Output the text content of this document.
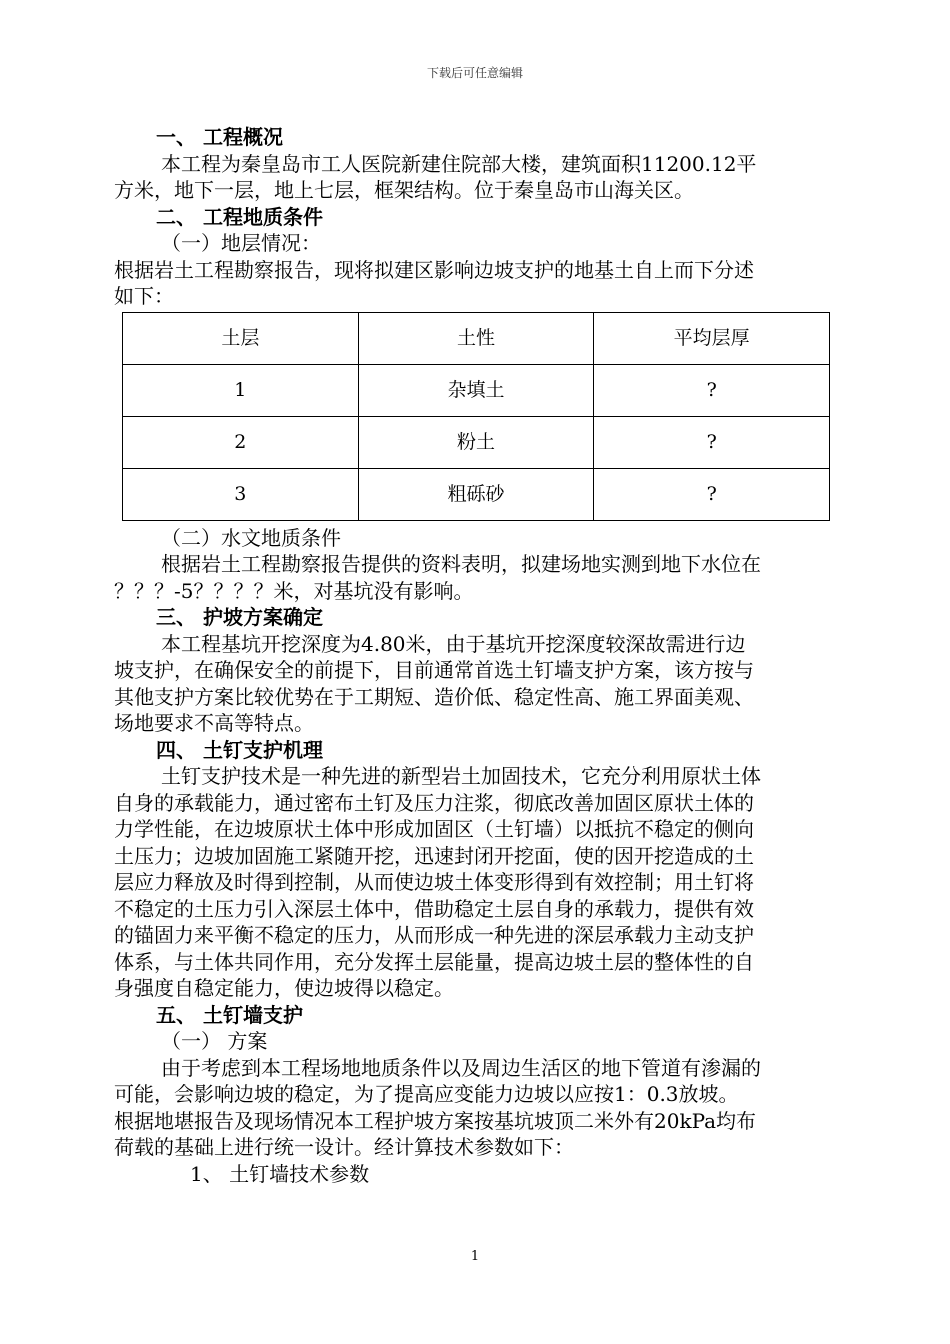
下载后可任意编辑

一、 工程概况

本工程为秦皇岛市工人医院新建住院部大楼，建筑面积11200.12平

方米，地下一层，地上七层，框架结构。位于秦皇岛市山海关区。

二、 工程地质条件

（一）地层情况：

根据岩土工程勘察报告，现将拟建区影响边坡支护的地基土自上而下分述

如下：

土层	土性	平均层厚
1	杂填土	?
2	粉土	?
3	粗砾砂	?

（二）水文地质条件

根据岩土工程勘察报告提供的资料表明，拟建场地实测到地下水位在

？？？-5？？？？米，对基坑没有影响。

三、 护坡方案确定

本工程基坑开挖深度为4.80米，由于基坑开挖深度较深故需进行边

坡支护，在确保安全的前提下，目前通常首选土钉墙支护方案，该方按与

其他支护方案比较优势在于工期短、造价低、稳定性高、施工界面美观、

场地要求不高等特点。

四、 土钉支护机理

土钉支护技术是一种先进的新型岩土加固技术，它充分利用原状土体

自身的承载能力，通过密布土钉及压力注浆，彻底改善加固区原状土体的

力学性能，在边坡原状土体中形成加固区（土钉墙）以抵抗不稳定的侧向

土压力；边坡加固施工紧随开挖，迅速封闭开挖面，使的因开挖造成的土

层应力释放及时得到控制，从而使边坡土体变形得到有效控制；用土钉将

不稳定的土压力引入深层土体中，借助稳定土层自身的承载力，提供有效

的锚固力来平衡不稳定的压力，从而形成一种先进的深层承载力主动支护

体系，与土体共同作用，充分发挥土层能量，提高边坡土层的整体性的自

身强度自稳定能力，使边坡得以稳定。

五、 土钉墙支护

（一） 方案

由于考虑到本工程场地地质条件以及周边生活区的地下管道有渗漏的

可能，会影响边坡的稳定，为了提高应变能力边坡以应按1：0.3放坡。

根据地堪报告及现场情况本工程护坡方案按基坑坡顶二米外有20kPa均布

荷载的基础上进行统一设计。经计算技术参数如下：

1、 土钉墙技术参数

1
